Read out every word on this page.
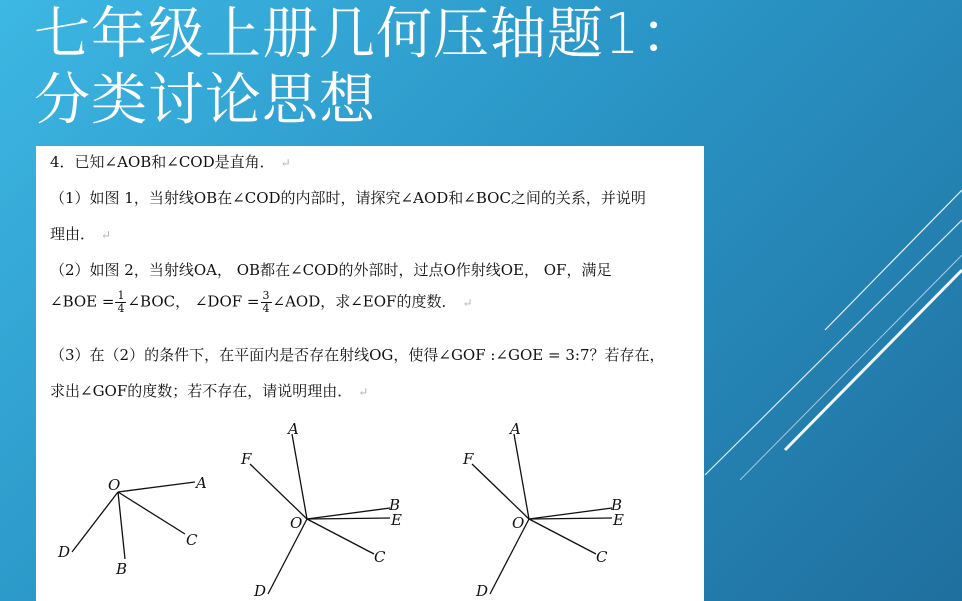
七年级上册几何压轴题1：
分类讨论思想
4．已知∠AOB和∠COD是直角． ↵
（1）如图 1，当射线OB在∠COD的内部时，请探究∠AOD和∠BOC之间的关系，并说明
理由． ↵
（2）如图 2，当射线OA， OB都在∠COD的外部时，过点O作射线OE， OF，满足
∠BOE = $\frac{1}{4}$ ∠BOC， ∠DOF = $\frac{3}{4}$ ∠AOD，求∠EOF的度数． ↵
（3）在（2）的条件下，在平面内是否存在射线OG，使得∠GOF :∠GOE = 3:7？若存在，
求出∠GOF的度数；若不存在，请说明理由． ↵
O	A
C
B
D
A
F
B
E
O
C
D
A
F
B
E
O
C
D
